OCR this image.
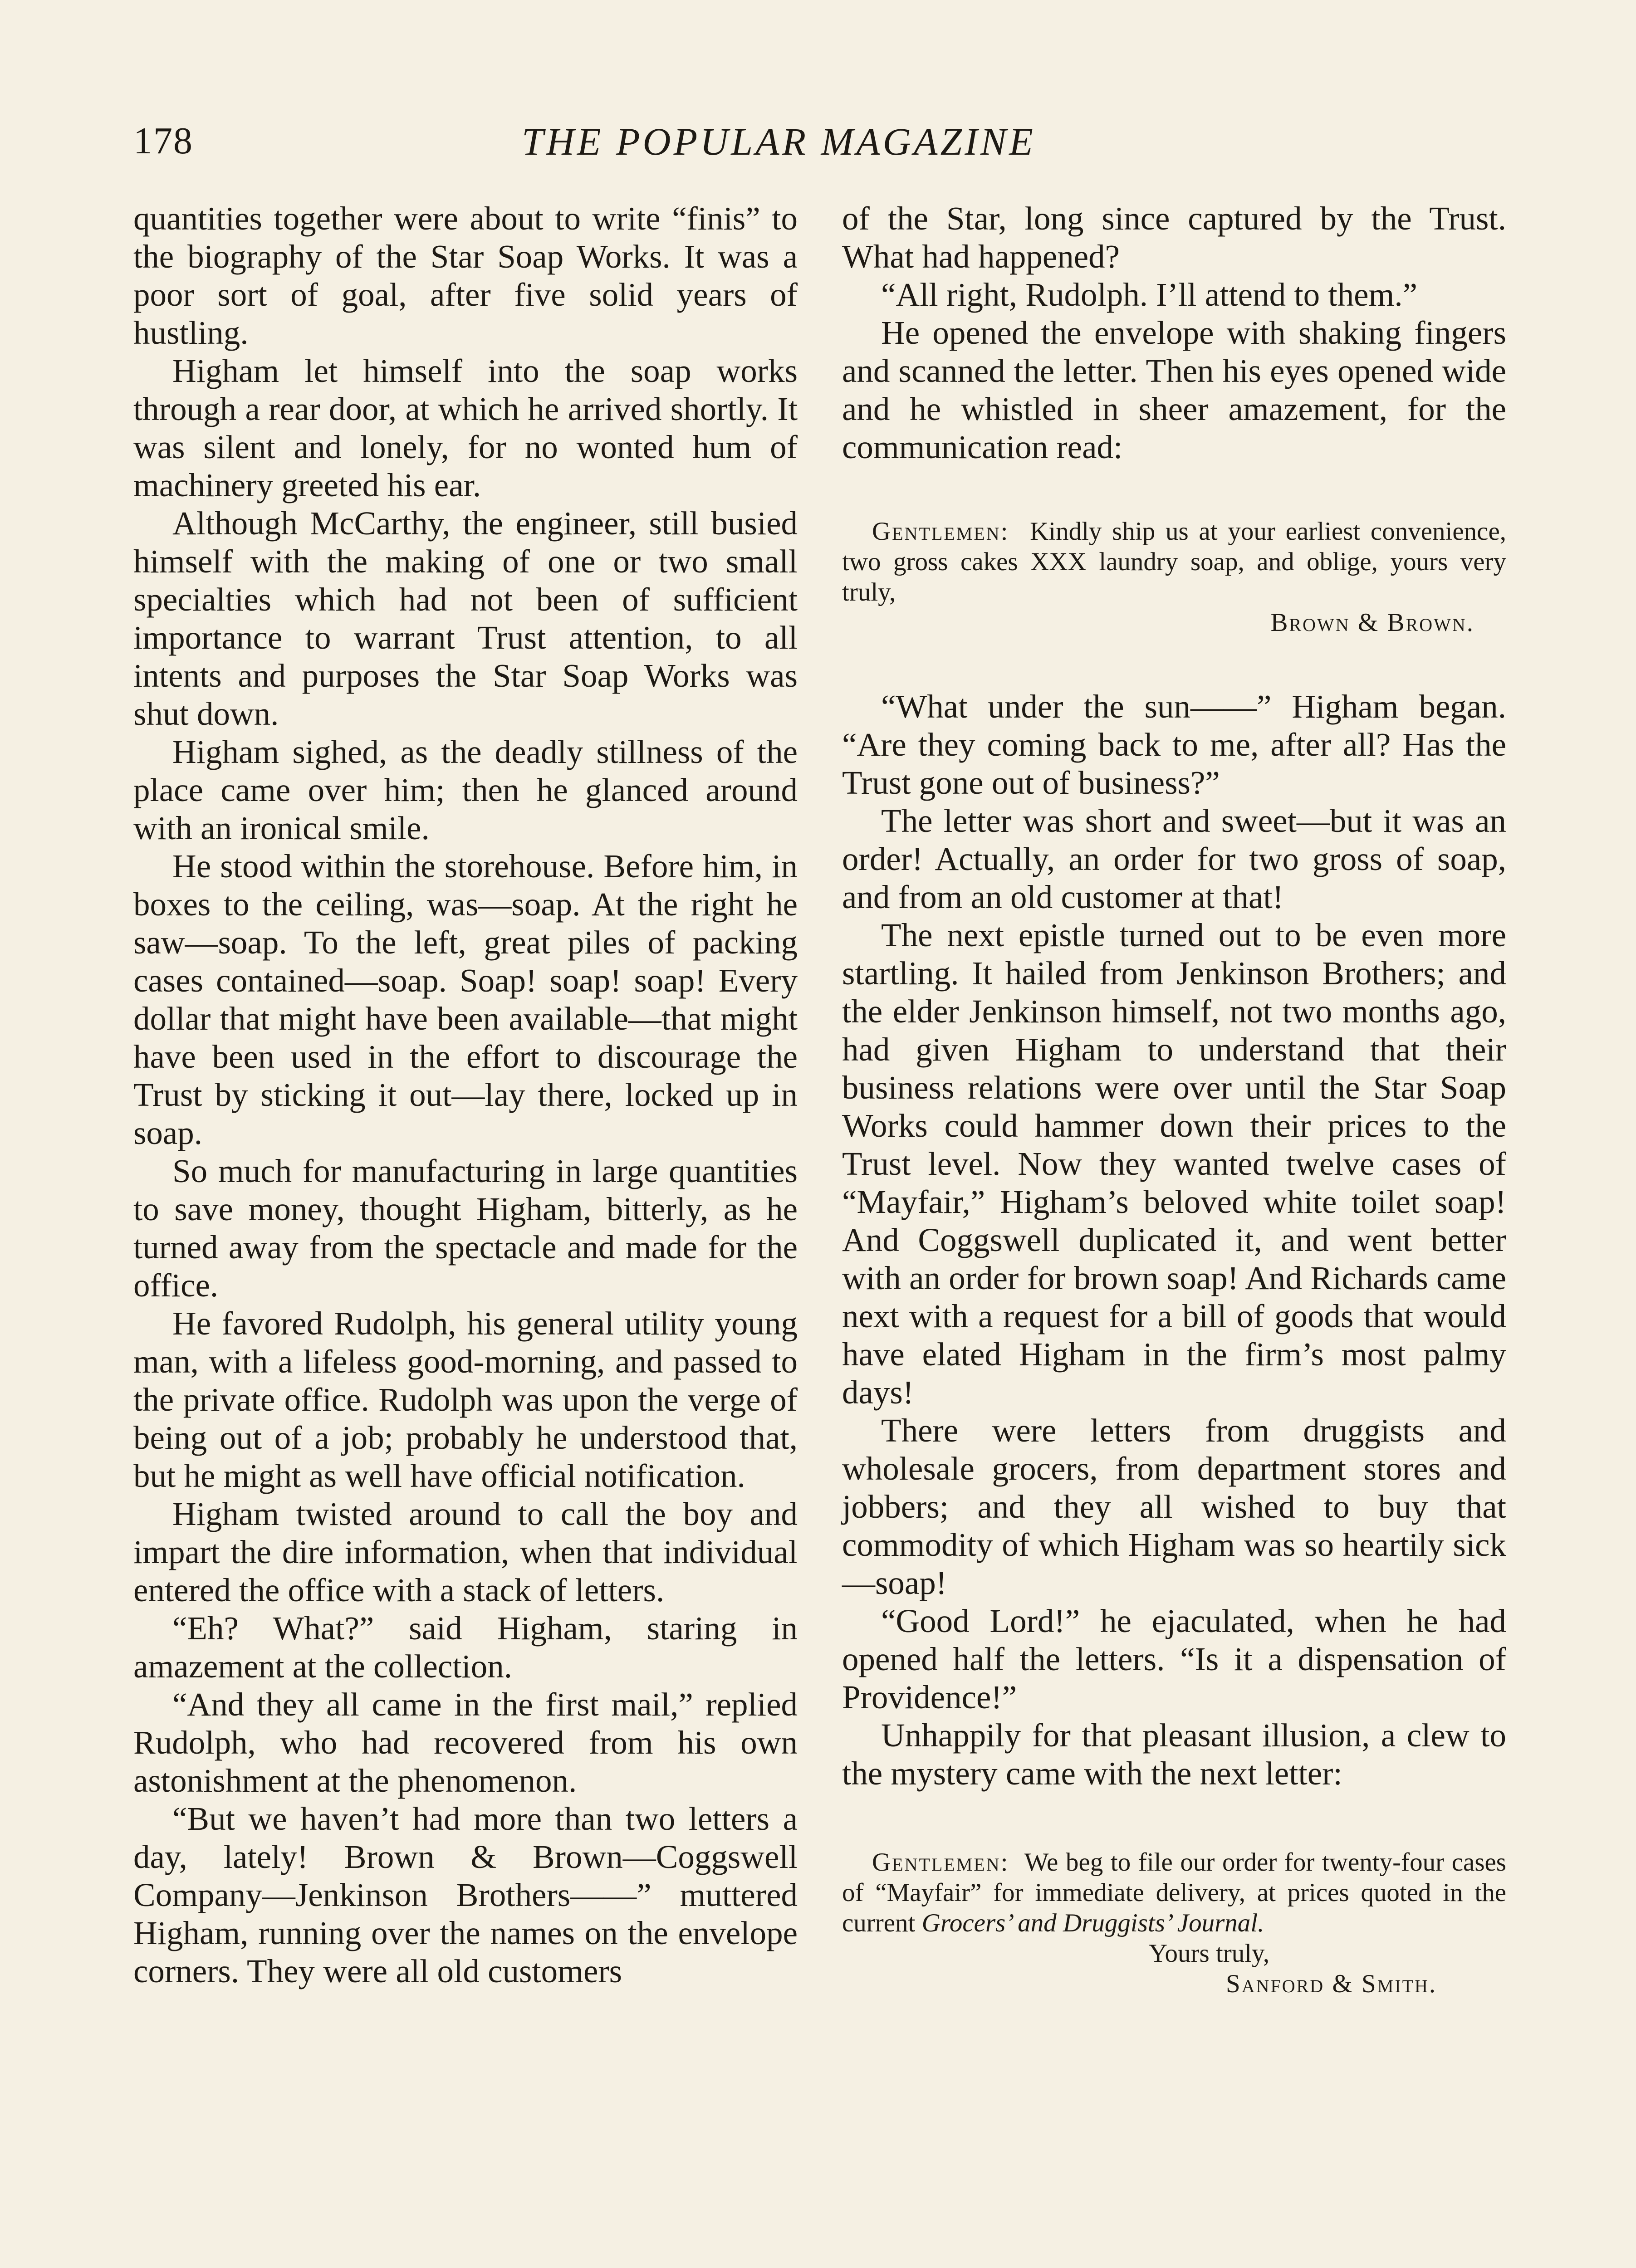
178	THE POPULAR MAGAZINE

quantities together were about to write “finis” to the biography of the Star Soap Works. It was a poor sort of goal, after five solid years of hustling.

Higham let himself into the soap works through a rear door, at which he arrived shortly. It was silent and lonely, for no wonted hum of machinery greeted his ear.

Although McCarthy, the engineer, still busied himself with the making of one or two small specialties which had not been of sufficient importance to warrant Trust attention, to all intents and purposes the Star Soap Works was shut down.

Higham sighed, as the deadly stillness of the place came over him; then he glanced around with an ironical smile.

He stood within the storehouse. Before him, in boxes to the ceiling, was—soap. At the right he saw—soap. To the left, great piles of packing cases contained—soap. Soap! soap! soap! Every dollar that might have been available—that might have been used in the effort to discourage the Trust by sticking it out—lay there, locked up in soap.

So much for manufacturing in large quantities to save money, thought Higham, bitterly, as he turned away from the spectacle and made for the office.

He favored Rudolph, his general utility young man, with a lifeless good-morning, and passed to the private office. Rudolph was upon the verge of being out of a job; probably he understood that, but he might as well have official notification.

Higham twisted around to call the boy and impart the dire information, when that individual entered the office with a stack of letters.

“Eh? What?” said Higham, staring in amazement at the collection.

“And they all came in the first mail,” replied Rudolph, who had recovered from his own astonishment at the phenomenon.

“But we haven’t had more than two letters a day, lately! Brown & Brown—Coggswell Company—Jenkinson Brothers——” muttered Higham, running over the names on the envelope corners. They were all old customers

of the Star, long since captured by the Trust. What had happened?

“All right, Rudolph. I’ll attend to them.”

He opened the envelope with shaking fingers and scanned the letter. Then his eyes opened wide and he whistled in sheer amazement, for the communication read:

Gentlemen: Kindly ship us at your earliest convenience, two gross cakes XXX laundry soap, and oblige, yours very truly,

Brown & Brown.

“What under the sun——” Higham began. “Are they coming back to me, after all? Has the Trust gone out of business?”

The letter was short and sweet—but it was an order! Actually, an order for two gross of soap, and from an old customer at that!

The next epistle turned out to be even more startling. It hailed from Jenkinson Brothers; and the elder Jenkinson himself, not two months ago, had given Higham to understand that their business relations were over until the Star Soap Works could hammer down their prices to the Trust level. Now they wanted twelve cases of “Mayfair,” Higham’s beloved white toilet soap! And Coggswell duplicated it, and went better with an order for brown soap! And Richards came next with a request for a bill of goods that would have elated Higham in the firm’s most palmy days!

There were letters from druggists and wholesale grocers, from department stores and jobbers; and they all wished to buy that commodity of which Higham was so heartily sick—soap!

“Good Lord!” he ejaculated, when he had opened half the letters. “Is it a dispensation of Providence!”

Unhappily for that pleasant illusion, a clew to the mystery came with the next letter:

Gentlemen: We beg to file our order for twenty-four cases of “Mayfair” for immediate delivery, at prices quoted in the current Grocers’ and Druggists’ Journal.

Yours truly,

Sanford & Smith.
